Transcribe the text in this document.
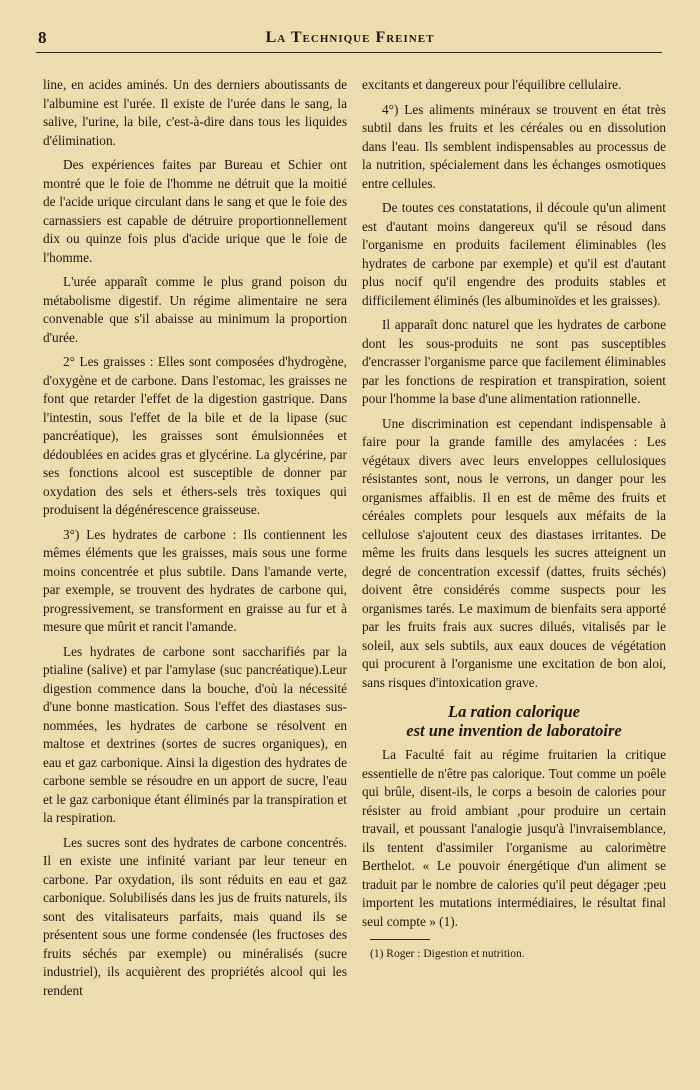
8	La Technique Freinet

line, en acides aminés. Un des derniers aboutissants de l'albumine est l'urée. Il existe de l'urée dans le sang, la salive, l'urine, la bile, c'est-à-dire dans tous les liquides d'élimination.

Des expériences faites par Bureau et Schier ont montré que le foie de l'homme ne détruit que la moitié de l'acide urique circulant dans le sang et que le foie des carnassiers est capable de détruire proportionnellement dix ou quinze fois plus d'acide urique que le foie de l'homme.

L'urée apparaît comme le plus grand poison du métabolisme digestif. Un régime alimentaire ne sera convenable que s'il abaisse au minimum la proportion d'urée.

2° Les graisses : Elles sont composées d'hydrogène, d'oxygène et de carbone. Dans l'estomac, les graisses ne font que retarder l'effet de la digestion gastrique. Dans l'intestin, sous l'effet de la bile et de la lipase (suc pancréatique), les graisses sont émulsionnées et dédoublées en acides gras et glycérine. La glycérine, par ses fonctions alcool est susceptible de donner par oxydation des sels et éthers-sels très toxiques qui produisent la dégénérescence graisseuse.

3°) Les hydrates de carbone : Ils contiennent les mêmes éléments que les graisses, mais sous une forme moins concentrée et plus subtile. Dans l'amande verte, par exemple, se trouvent des hydrates de carbone qui, progressivement, se transforment en graisse au fur et à mesure que mûrit et rancit l'amande.

Les hydrates de carbone sont saccharifiés par la ptialine (salive) et par l'amylase (suc pancréatique).Leur digestion commence dans la bouche, d'où la nécessité d'une bonne mastication. Sous l'effet des diastases sus-nommées, les hydrates de carbone se résolvent en maltose et dextrines (sortes de sucres organiques), en eau et gaz carbonique. Ainsi la digestion des hydrates de carbone semble se résoudre en un apport de sucre, l'eau et le gaz carbonique étant éliminés par la transpiration et la respiration.

Les sucres sont des hydrates de carbone concentrés. Il en existe une infinité variant par leur teneur en carbone. Par oxydation, ils sont réduits en eau et gaz carbonique. Solubilisés dans les jus de fruits naturels, ils sont des vitalisateurs parfaits, mais quand ils se présentent sous une forme condensée (les fructoses des fruits séchés par exemple) ou minéralisés (sucre industriel), ils acquièrent des propriétés alcool qui les rendent

excitants et dangereux pour l'équilibre cellulaire.

4°) Les aliments minéraux se trouvent en état très subtil dans les fruits et les céréales ou en dissolution dans l'eau. Ils semblent indispensables au processus de la nutrition, spécialement dans les échanges osmotiques entre cellules.

De toutes ces constatations, il découle qu'un aliment est d'autant moins dangereux qu'il se résoud dans l'organisme en produits facilement éliminables (les hydrates de carbone par exemple) et qu'il est d'autant plus nocif qu'il engendre des produits stables et difficilement éliminés (les albuminoïdes et les graisses).

Il apparaît donc naturel que les hydrates de carbone dont les sous-produits ne sont pas susceptibles d'encrasser l'organisme parce que facilement éliminables par les fonctions de respiration et transpiration, soient pour l'homme la base d'une alimentation rationnelle.

Une discrimination est cependant indispensable à faire pour la grande famille des amylacées : Les végétaux divers avec leurs enveloppes cellulosiques résistantes sont, nous le verrons, un danger pour les organismes affaiblis. Il en est de même des fruits et céréales complets pour lesquels aux méfaits de la cellulose s'ajoutent ceux des diastases irritantes. De même les fruits dans lesquels les sucres atteignent un degré de concentration excessif (dattes, fruits séchés) doivent être considérés comme suspects pour les organismes tarés. Le maximum de bienfaits sera apporté par les fruits frais aux sucres dilués, vitalisés par le soleil, aux sels subtils, aux eaux douces de végétation qui procurent à l'organisme une excitation de bon aloi, sans risques d'intoxication grave.

La ration calorique
est une invention de laboratoire

La Faculté fait au régime fruitarien la critique essentielle de n'être pas calorique. Tout comme un poêle qui brûle, disent-ils, le corps a besoin de calories pour résister au froid ambiant ,pour produire un certain travail, et poussant l'analogie jusqu'à l'invraisemblance, ils tentent d'assimiler l'organisme au calorimètre Berthelot. « Le pouvoir énergétique d'un aliment se traduit par le nombre de calories qu'il peut dégager ;peu importent les mutations intermédiaires, le résultat final seul compte » (1).

(1) Roger : Digestion et nutrition.
